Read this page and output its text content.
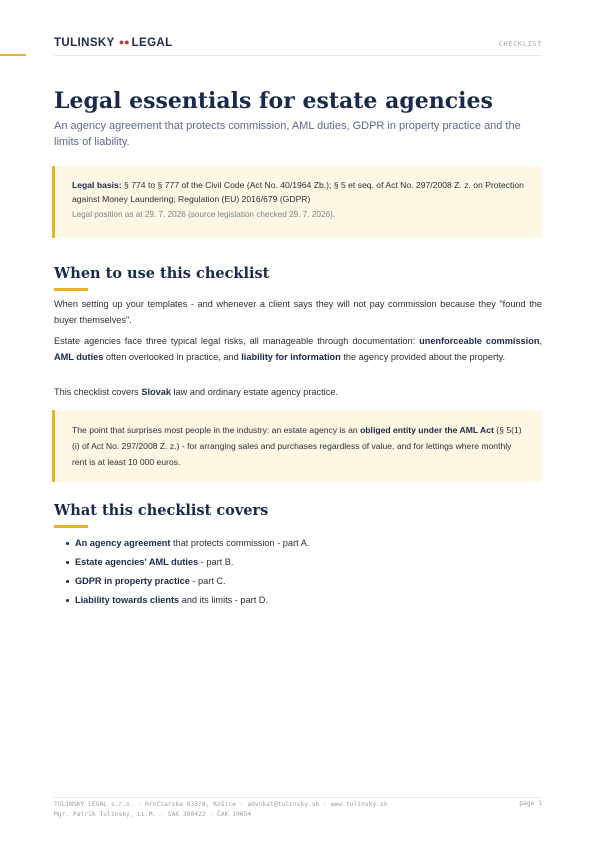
TULINSKY ●● LEGAL	CHECKLIST
Legal essentials for estate agencies

An agency agreement that protects commission, AML duties, GDPR in property practice and the limits of liability.

Legal basis: § 774 to § 777 of the Civil Code (Act No. 40/1964 Zb.); § 5 et seq. of Act No. 297/2008 Z. z. on Protection against Money Laundering; Regulation (EU) 2016/679 (GDPR)
Legal position as at 29. 7. 2026 (source legislation checked 29. 7. 2026).
When to use this checklist

When setting up your templates - and whenever a client says they will not pay commission because they "found the buyer themselves".

Estate agencies face three typical legal risks, all manageable through documentation: unenforceable commission, AML duties often overlooked in practice, and liability for information the agency provided about the property.

This checklist covers Slovak law and ordinary estate agency practice.

The point that surprises most people in the industry: an estate agency is an obliged entity under the AML Act (§ 5(1) (i) of Act No. 297/2008 Z. z.) - for arranging sales and purchases regardless of value, and for lettings where monthly rent is at least 10 000 euros.
What this checklist covers
An agency agreement that protects commission - part A.
Estate agencies' AML duties - part B.
GDPR in property practice - part C.
Liability towards clients and its limits - part D.
TULINSKY LEGAL s.r.o. · Hrnčiarska 933/8, Košice · advokat@tulinsky.sk · www.tulinsky.sk
Mgr. Patrik Tulinský, LL.M. · SAK 300422 · ČAK 19654
page 1
